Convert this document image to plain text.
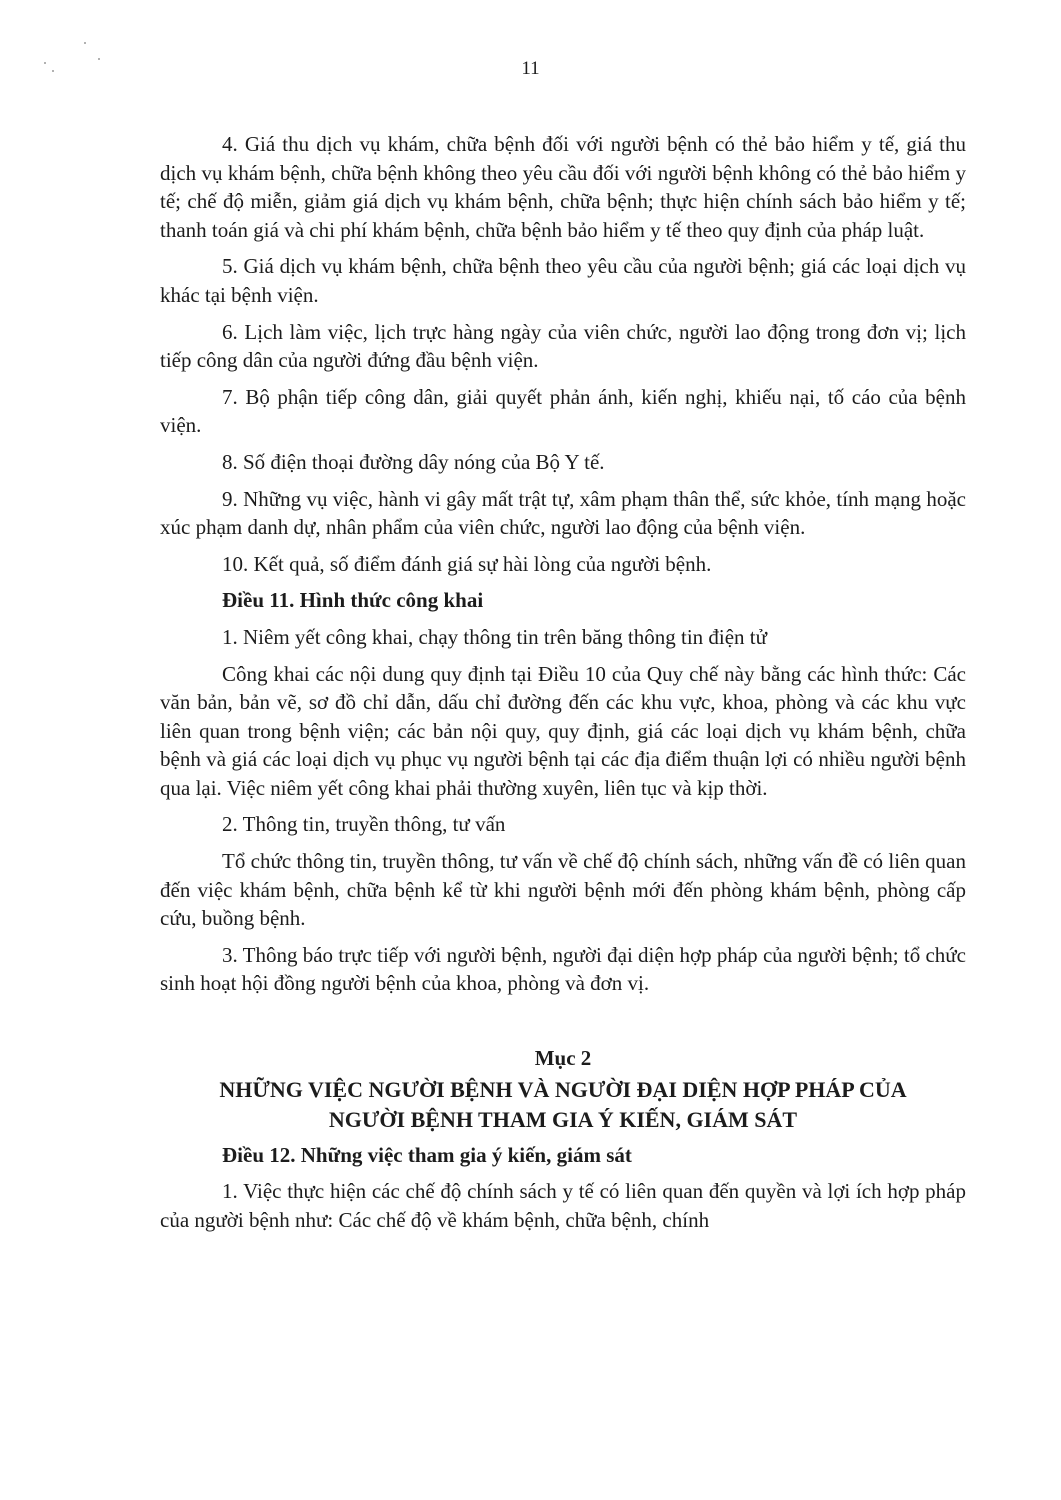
11

4. Giá thu dịch vụ khám, chữa bệnh đối với người bệnh có thẻ bảo hiểm y tế, giá thu dịch vụ khám bệnh, chữa bệnh không theo yêu cầu đối với người bệnh không có thẻ bảo hiểm y tế; chế độ miễn, giảm giá dịch vụ khám bệnh, chữa bệnh; thực hiện chính sách bảo hiểm y tế; thanh toán giá và chi phí khám bệnh, chữa bệnh bảo hiểm y tế theo quy định của pháp luật.

5. Giá dịch vụ khám bệnh, chữa bệnh theo yêu cầu của người bệnh; giá các loại dịch vụ khác tại bệnh viện.

6. Lịch làm việc, lịch trực hàng ngày của viên chức, người lao động trong đơn vị; lịch tiếp công dân của người đứng đầu bệnh viện.

7. Bộ phận tiếp công dân, giải quyết phản ánh, kiến nghị, khiếu nại, tố cáo của bệnh viện.

8. Số điện thoại đường dây nóng của Bộ Y tế.

9. Những vụ việc, hành vi gây mất trật tự, xâm phạm thân thể, sức khỏe, tính mạng hoặc xúc phạm danh dự, nhân phẩm của viên chức, người lao động của bệnh viện.

10. Kết quả, số điểm đánh giá sự hài lòng của người bệnh.

Điều 11. Hình thức công khai

1. Niêm yết công khai, chạy thông tin trên băng thông tin điện tử

Công khai các nội dung quy định tại Điều 10 của Quy chế này bằng các hình thức: Các văn bản, bản vẽ, sơ đồ chỉ dẫn, dấu chỉ đường đến các khu vực, khoa, phòng và các khu vực liên quan trong bệnh viện; các bản nội quy, quy định, giá các loại dịch vụ khám bệnh, chữa bệnh và giá các loại dịch vụ phục vụ người bệnh tại các địa điểm thuận lợi có nhiều người bệnh qua lại. Việc niêm yết công khai phải thường xuyên, liên tục và kịp thời.

2. Thông tin, truyền thông, tư vấn

Tổ chức thông tin, truyền thông, tư vấn về chế độ chính sách, những vấn đề có liên quan đến việc khám bệnh, chữa bệnh kể từ khi người bệnh mới đến phòng khám bệnh, phòng cấp cứu, buồng bệnh.

3. Thông báo trực tiếp với người bệnh, người đại diện hợp pháp của người bệnh; tổ chức sinh hoạt hội đồng người bệnh của khoa, phòng và đơn vị.

Mục 2

NHỮNG VIỆC NGƯỜI BỆNH VÀ NGƯỜI ĐẠI DIỆN HỢP PHÁP CỦA
NGƯỜI BỆNH THAM GIA Ý KIẾN, GIÁM SÁT

Điều 12. Những việc tham gia ý kiến, giám sát

1. Việc thực hiện các chế độ chính sách y tế có liên quan đến quyền và lợi ích hợp pháp của người bệnh như: Các chế độ về khám bệnh, chữa bệnh, chính
